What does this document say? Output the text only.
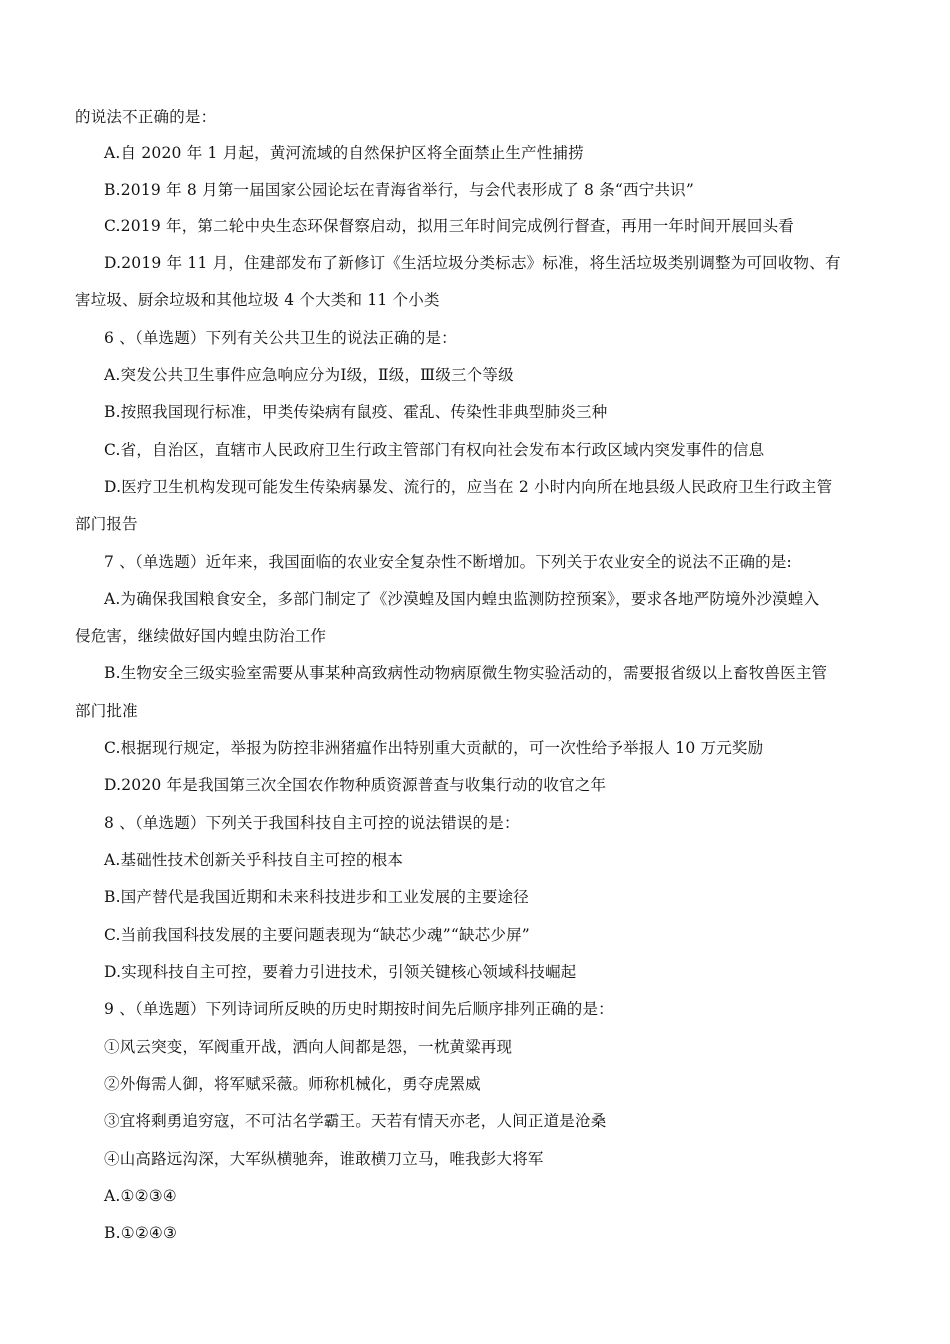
的说法不正确的是：
A.自 2020 年 1 月起，黄河流域的自然保护区将全面禁止生产性捕捞
B.2019 年 8 月第一届国家公园论坛在青海省举行，与会代表形成了 8 条“西宁共识”
C.2019 年，第二轮中央生态环保督察启动，拟用三年时间完成例行督查，再用一年时间开展回头看
D.2019 年 11 月，住建部发布了新修订《生活垃圾分类标志》标准，将生活垃圾类别调整为可回收物、有
害垃圾、厨余垃圾和其他垃圾 4 个大类和 11 个小类
6 、（单选题）下列有关公共卫生的说法正确的是：
A.突发公共卫生事件应急响应分为Ⅰ级，Ⅱ级，Ⅲ级三个等级
B.按照我国现行标准，甲类传染病有鼠疫、霍乱、传染性非典型肺炎三种
C.省，自治区，直辖市人民政府卫生行政主管部门有权向社会发布本行政区域内突发事件的信息
D.医疗卫生机构发现可能发生传染病暴发、流行的，应当在 2 小时内向所在地县级人民政府卫生行政主管
部门报告
7 、（单选题）近年来，我国面临的农业安全复杂性不断增加。下列关于农业安全的说法不正确的是:
A.为确保我国粮食安全，多部门制定了《沙漠蝗及国内蝗虫监测防控预案》，要求各地严防境外沙漠蝗入
侵危害，继续做好国内蝗虫防治工作
B.生物安全三级实验室需要从事某种高致病性动物病原微生物实验活动的，需要报省级以上畜牧兽医主管
部门批准
C.根据现行规定，举报为防控非洲猪瘟作出特别重大贡献的，可一次性给予举报人 10 万元奖励
D.2020 年是我国第三次全国农作物种质资源普查与收集行动的收官之年
8 、（单选题）下列关于我国科技自主可控的说法错误的是：
A.基础性技术创新关乎科技自主可控的根本
B.国产替代是我国近期和未来科技进步和工业发展的主要途径
C.当前我国科技发展的主要问题表现为“缺芯少魂”“缺芯少屏”
D.实现科技自主可控，要着力引进技术，引领关键核心领域科技崛起
9 、（单选题）下列诗词所反映的历史时期按时间先后顺序排列正确的是：
①风云突变，军阀重开战，洒向人间都是怨，一枕黄粱再现
②外侮需人御，将军赋采薇。师称机械化，勇夺虎罴威
③宜将剩勇追穷寇，不可沽名学霸王。天若有情天亦老，人间正道是沧桑
④山高路远沟深，大军纵横驰奔，谁敢横刀立马，唯我彭大将军
A.①②③④
B.①②④③
